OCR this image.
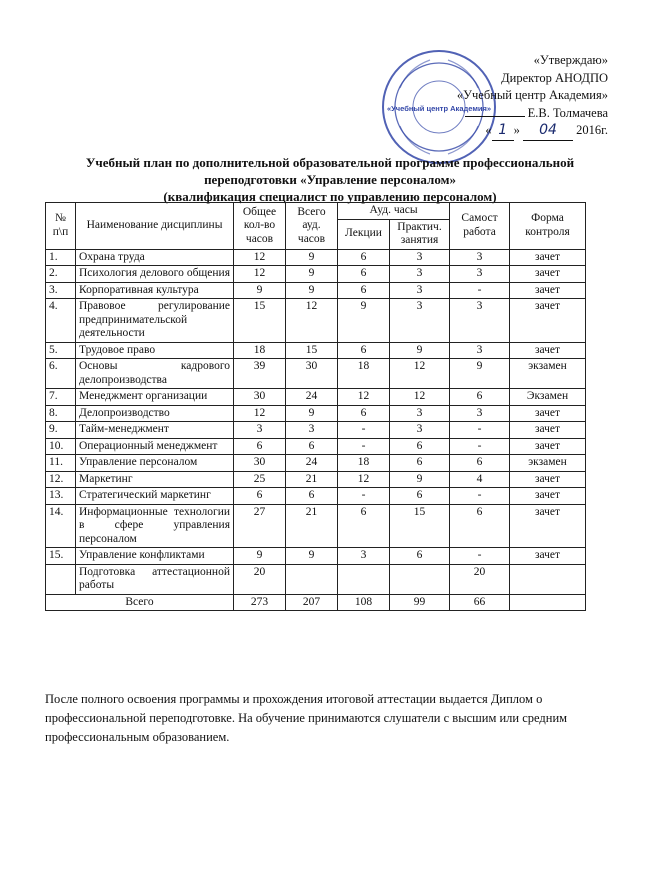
«Учебный центр Академия»
«Утверждаю»
Директор АНОДПО
«Учебный центр Академия»
Е.В. Толмачева
« 1 » 04 2016г.
Учебный план по дополнительной образовательной программе профессиональной
переподготовки «Управление персоналом»
(квалификация специалист по управлению персоналом)
№ п\п	Наименование дисциплины	Общее кол-во часов	Всего ауд. часов	Ауд. часы		Самост работа	Форма контроля
				Лекции	Практич. занятия		
1.	Охрана труда	12	9	6	3	3	зачет
2.	Психология делового общения	12	9	6	3	3	зачет
3.	Корпоративная культура	9	9	6	3	-	зачет
4.	Правовое регулирование предпринимательской деятельности	15	12	9	3	3	зачет
5.	Трудовое право	18	15	6	9	3	зачет
6.	Основы кадрового делопроизводства	39	30	18	12	9	экзамен
7.	Менеджмент организации	30	24	12	12	6	Экзамен
8.	Делопроизводство	12	9	6	3	3	зачет
9.	Тайм-менеджмент	3	3	-	3	-	зачет
10.	Операционный менеджмент	6	6	-	6	-	зачет
11.	Управление персоналом	30	24	18	6	6	экзамен
12.	Маркетинг	25	21	12	9	4	зачет
13.	Стратегический маркетинг	6	6	-	6	-	зачет
14.	Информационные технологии в сфере управления персоналом	27	21	6	15	6	зачет
15.	Управление конфликтами	9	9	3	6	-	зачет
	Подготовка аттестационной работы	20				20	
Всего		273	207	108	99	66	
После полного освоения программы и прохождения итоговой аттестации выдается Диплом о профессиональной переподготовке. На обучение принимаются слушатели с высшим или средним профессиональным образованием.
